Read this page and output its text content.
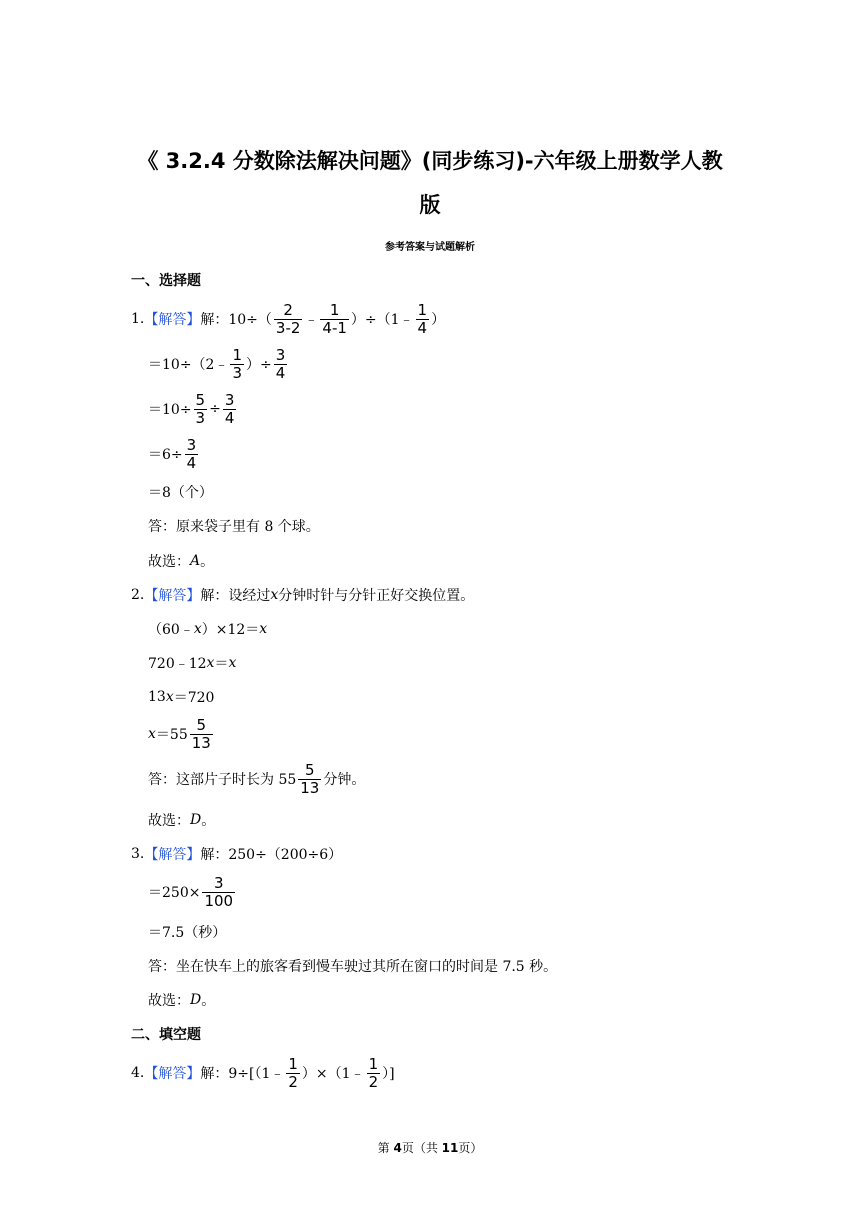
《 3.2.4 分数除法解决问题》(同步练习)-六年级上册数学人教
版
参考答案与试题解析
一、选择题
1. 【解答】 解：$10\div( \frac{2}{3-2}$ ﹣ $\frac{1}{4-1}$ ）÷（1﹣ $\frac{1}{4}$ ）
＝10÷（2﹣ $\frac{1}{3}$ ）÷ $\frac{3}{4}$
$=10\div \frac{5}{3} \div \frac{3}{4}$
$=6\div \frac{3}{4}$
＝8（个）
答：原来袋子里有 8 个球。
故选： A 。
2. 【解答】 解：设经过 x 分钟时针与分针正好交换位置。
（60﹣ x ）×12＝ x
720﹣12 x ＝ x
13 x ＝720
$x =55 \frac{5}{13}$
答：这部片子时长为 $55 \frac{5}{13}$ 分钟。
故选： D 。
3. 【解答】 解：250÷（200÷6）
$=250\times \frac{3}{100}$
＝7.5（秒）
答：坐在快车上的旅客看到慢车驶过其所在窗口的时间是 7.5 秒。
故选： D 。
二、填空题
4. 【解答】 解：9÷[（1﹣ $\frac{1}{2}$ ）×（1﹣ $\frac{1}{2}$ ）]
第 4页（共 11页）
